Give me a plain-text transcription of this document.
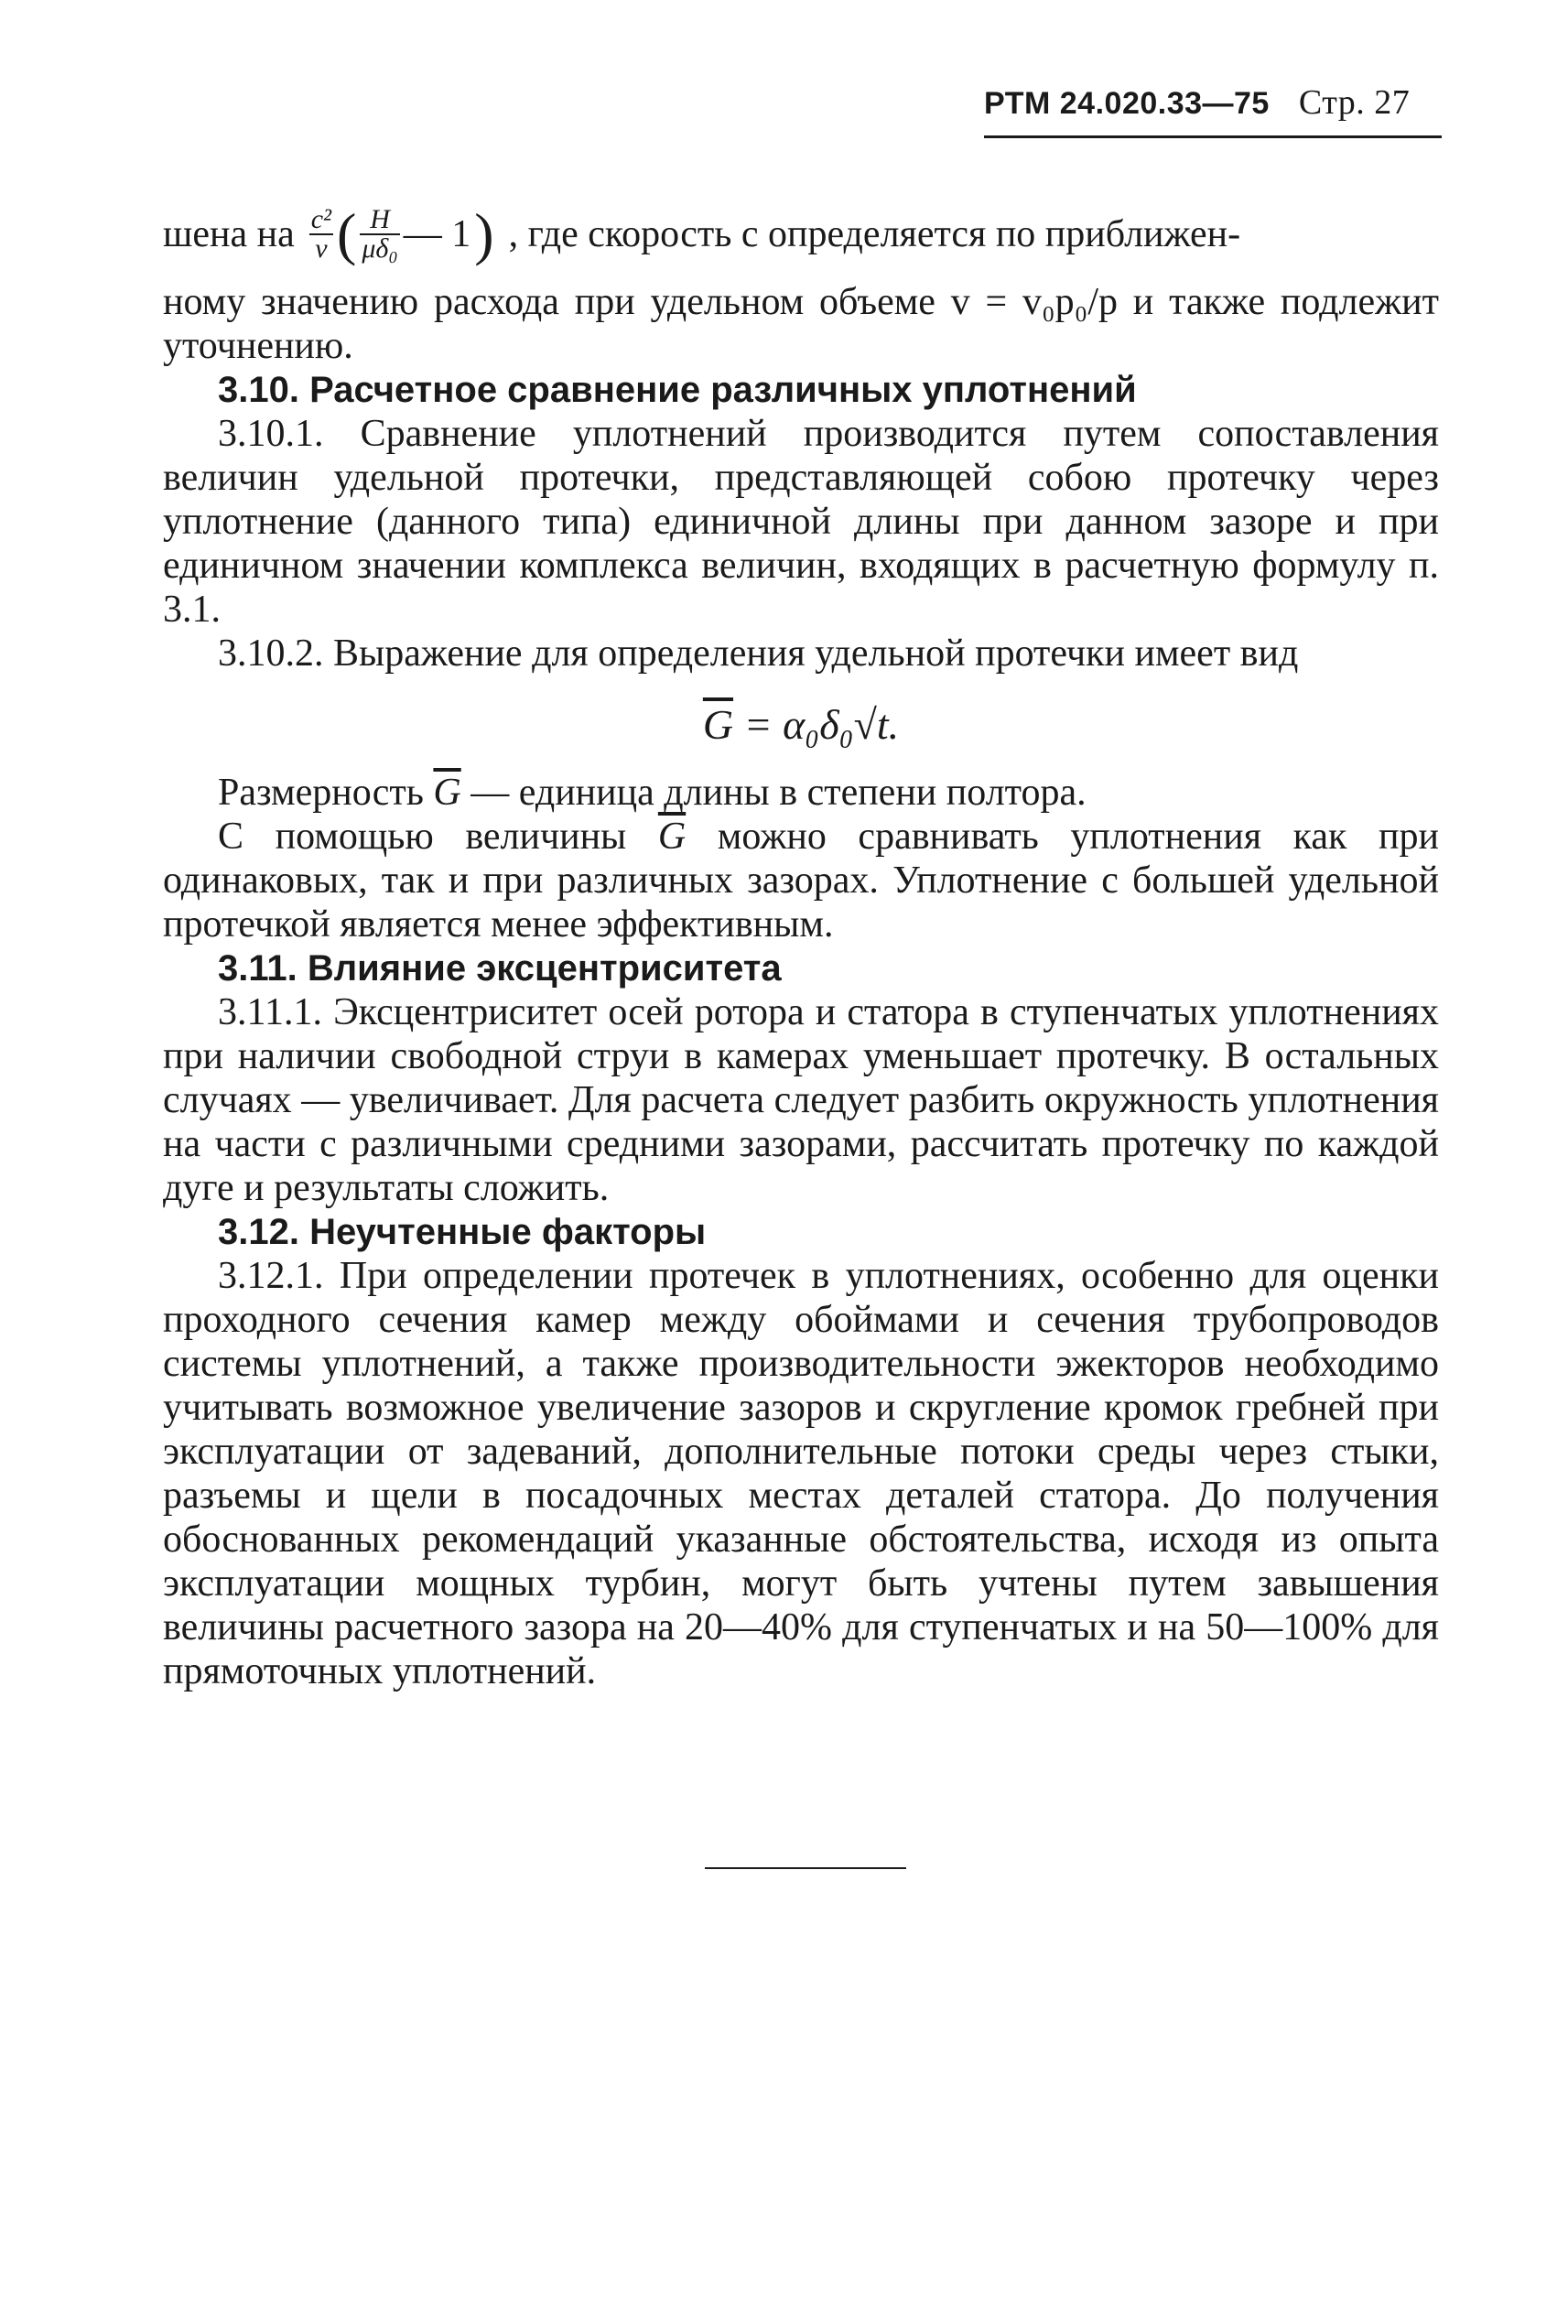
РТМ 24.020.33—75 Стр. 27
шена на $\frac{\text{c²}}{v}$ ( $\frac{H}{\text{μδ₀}}$ — 1 ) , где скорость c определяется по приближен-

ному значению расхода при удельном объеме v = v₀p₀/p и также подлежит уточнению.

3.10. Расчетное сравнение различных уплотнений

3.10.1. Сравнение уплотнений производится путем сопоставления величин удельной протечки, представляющей собою протечку через уплотнение (данного типа) единичной длины при данном зазоре и при единичном значении комплекса величин, входящих в расчетную формулу п. 3.1.

3.10.2. Выражение для определения удельной протечки имеет вид

$\overline{G} = \alpha_0\delta_0√t$.

Размерность $\overline{G}$ — единица длины в степени полтора.

С помощью величины $\overline{G}$ можно сравнивать уплотнения как при одинаковых, так и при различных зазорах. Уплотнение с большей удельной протечкой является менее эффективным.

3.11. Влияние эксцентриситета

3.11.1. Эксцентриситет осей ротора и статора в ступенчатых уплотнениях при наличии свободной струи в камерах уменьшает протечку. В остальных случаях — увеличивает. Для расчета следует разбить окружность уплотнения на части с различными средними зазорами, рассчитать протечку по каждой дуге и результаты сложить.

3.12. Неучтенные факторы

3.12.1. При определении протечек в уплотнениях, особенно для оценки проходного сечения камер между обоймами и сечения трубопроводов системы уплотнений, а также производительности эжекторов необходимо учитывать возможное увеличение зазоров и скругление кромок гребней при эксплуатации от задеваний, дополнительные потоки среды через стыки, разъемы и щели в посадочных местах деталей статора. До получения обоснованных рекомендаций указанные обстоятельства, исходя из опыта эксплуатации мощных турбин, могут быть учтены путем завышения величины расчетного зазора на 20—40% для ступенчатых и на 50—100% для прямоточных уплотнений.
